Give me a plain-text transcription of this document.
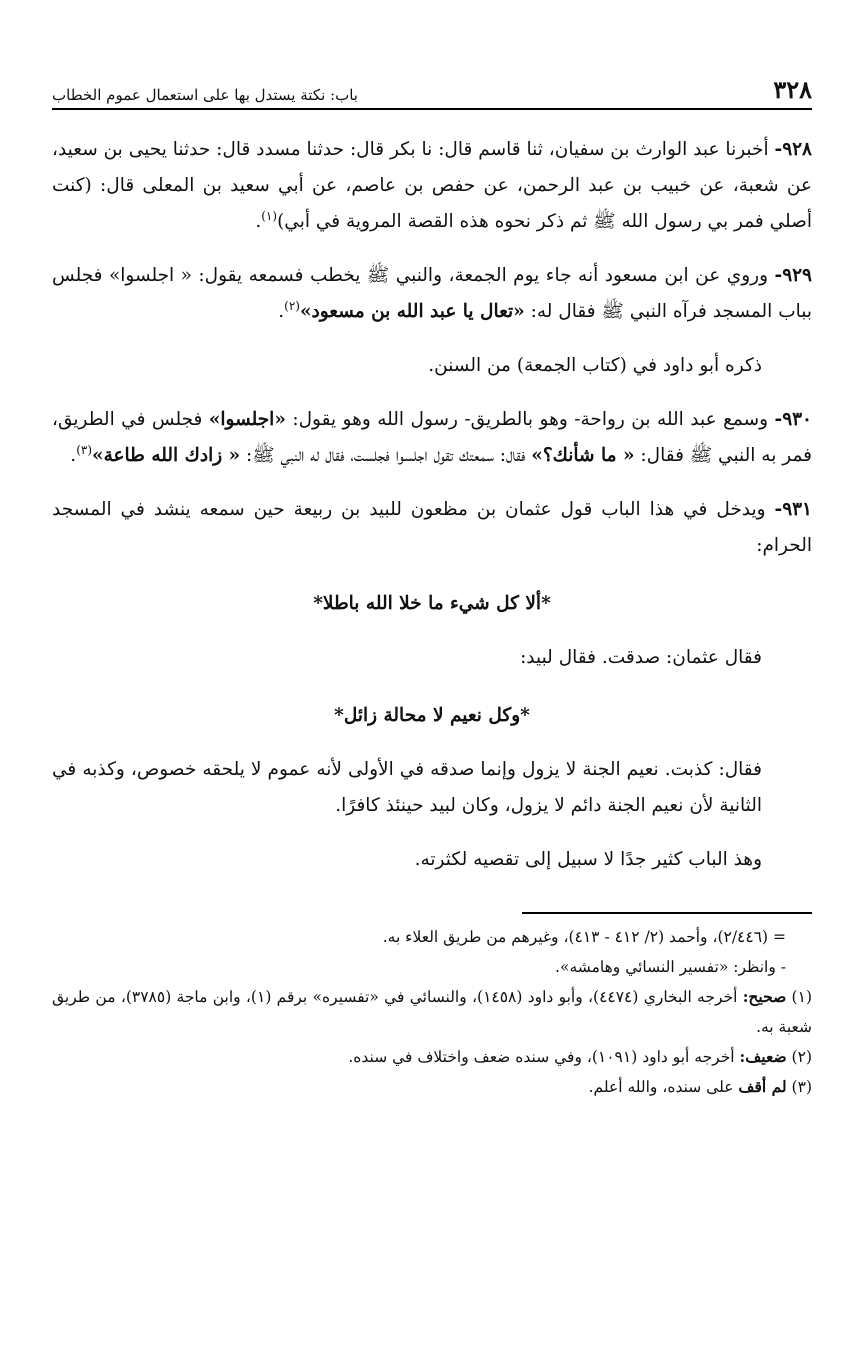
٣٢٨
باب: نكتة يستدل بها على استعمال عموم الخطاب

٩٢٨- أخبرنا عبد الوارث بن سفيان، ثنا قاسم قال: نا بكر قال: حدثنا مسدد قال: حدثنا يحيى بن سعيد، عن شعبة، عن خبيب بن عبد الرحمن، عن حفص بن عاصم، عن أبي سعيد بن المعلى قال: (كنت أصلي فمر بي رسول الله ﷺ ثم ذكر نحوه هذه القصة المروية في أبي)$^{(١)}$.

٩٢٩- وروي عن ابن مسعود أنه جاء يوم الجمعة، والنبي ﷺ يخطب فسمعه يقول: « اجلسوا» فجلس بباب المسجد فرآه النبي ﷺ فقال له: «تعال يا عبد الله بن مسعود»$^{(٢)}$.

ذكره أبو داود في (كتاب الجمعة) من السنن.

٩٣٠- وسمع عبد الله بن رواحة- وهو بالطريق- رسول الله وهو يقول: «اجلسوا» فجلس في الطريق، فمر به النبي ﷺ فقال: « ما شأنك؟» فقال: سمعتك تقول اجلسوا فجلست، فقال له النبي ﷺ: « زادك الله طاعة»$^{(٣)}$.

٩٣١- ويدخل في هذا الباب قول عثمان بن مظعون للبيد بن ربيعة حين سمعه ينشد في المسجد الحرام:

*ألا كل شيء ما خلا الله باطلا*

فقال عثمان: صدقت. فقال لبيد:

*وكل نعيم لا محالة زائل*

فقال: كذبت. نعيم الجنة لا يزول وإنما صدقه في الأولى لأنه عموم لا يلحقه خصوص، وكذبه في الثانية لأن نعيم الجنة دائم لا يزول، وكان لبيد حينئذ كافرًا.

وهذ الباب كثير جدًا لا سبيل إلى تقصيه لكثرته.

= (٢/٤٤٦)، وأحمد (٢/ ٤١٢ - ٤١٣)، وغيرهم من طريق العلاء به.

- وانظر: «تفسير النسائي وهامشه».

(١) صحيح: أخرجه البخاري (٤٤٧٤)، وأبو داود (١٤٥٨)، والنسائي في «تفسيره» برقم (١)، وابن ماجة (٣٧٨٥)، من طريق شعبة به.

(٢) ضعيف: أخرجه أبو داود (١٠٩١)، وفي سنده ضعف واختلاف في سنده.

(٣) لم أقف على سنده، والله أعلم.
